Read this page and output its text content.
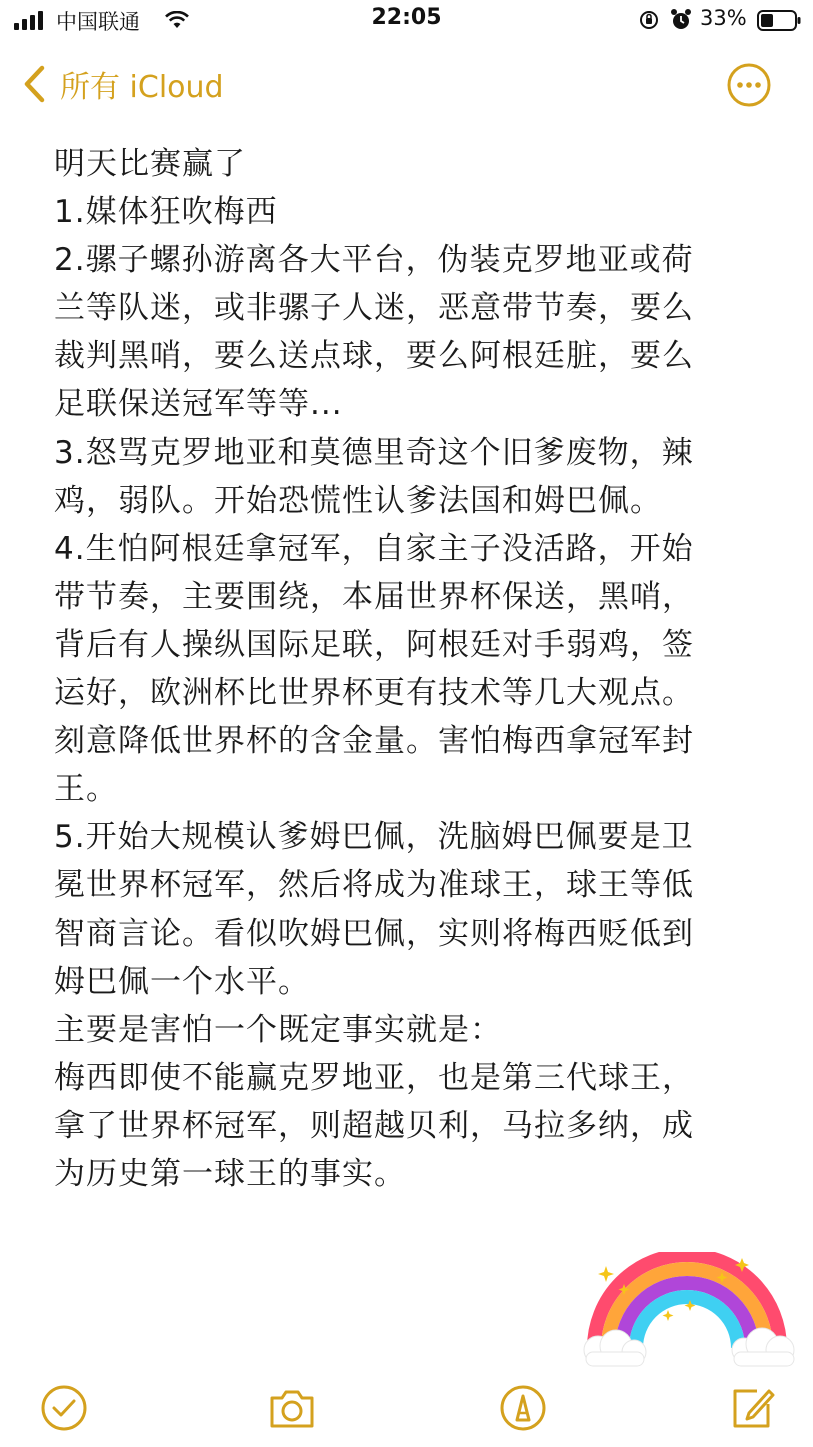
中国联通	22:05	33%
所有 iCloud
明天比赛赢了
1.媒体狂吹梅西
2.骡子螺孙游离各大平台，伪装克罗地亚或荷
兰等队迷，或非骡子人迷，恶意带节奏，要么
裁判黑哨，要么送点球，要么阿根廷脏，要么
足联保送冠军等等...
3.怒骂克罗地亚和莫德里奇这个旧爹废物，辣
鸡，弱队。开始恐慌性认爹法国和姆巴佩。
4.生怕阿根廷拿冠军，自家主子没活路，开始
带节奏，主要围绕，本届世界杯保送，黑哨，
背后有人操纵国际足联，阿根廷对手弱鸡，签
运好，欧洲杯比世界杯更有技术等几大观点。
刻意降低世界杯的含金量。害怕梅西拿冠军封
王。
5.开始大规模认爹姆巴佩，洗脑姆巴佩要是卫
冕世界杯冠军，然后将成为准球王，球王等低
智商言论。看似吹姆巴佩，实则将梅西贬低到
姆巴佩一个水平。
主要是害怕一个既定事实就是：
梅西即使不能赢克罗地亚，也是第三代球王，
拿了世界杯冠军，则超越贝利，马拉多纳，成
为历史第一球王的事实。
